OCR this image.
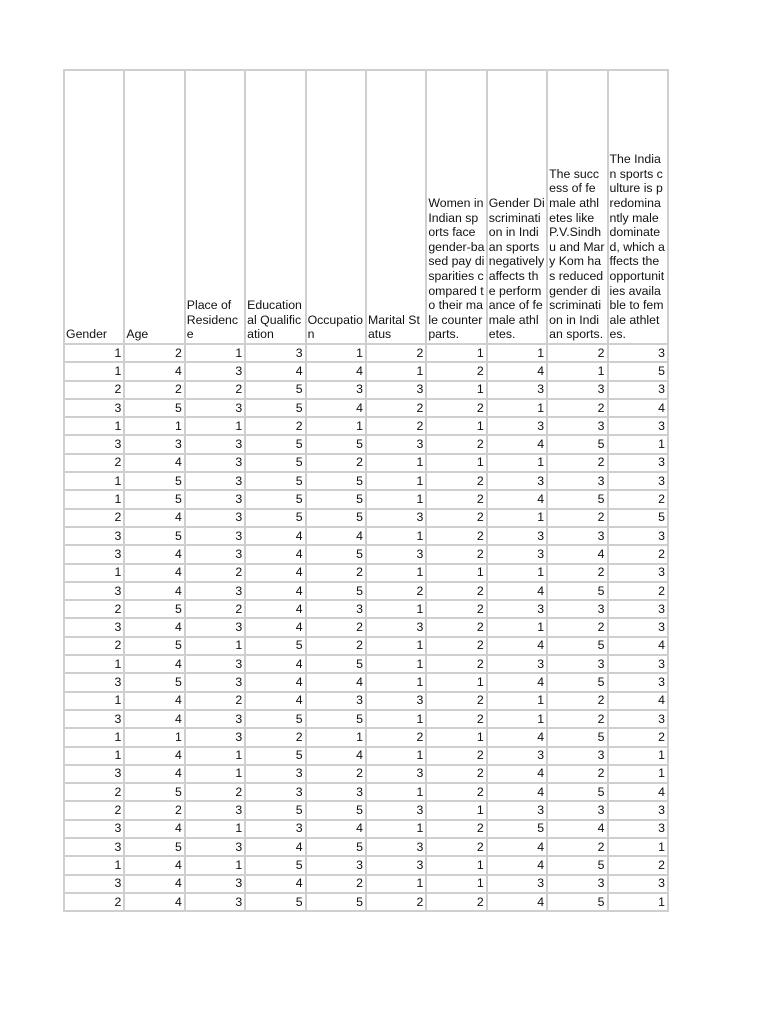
Gender	Age	Place of Residence	Educational Qualification	Occupation	Marital Status	Women in Indian sports face gender-based pay disparities compared to their male counterparts.	Gender Discrimination in Indian sports negatively affects the performance of female athletes.	The success of female athletes like P.V.Sindhu and Mary Kom has reduced gender discrimination in Indian sports.	The Indian sports culture is predominantly male dominated, which affects the opportunities available to female athletes.
1	2	1	3	1	2	1	1	2	3
1	4	3	4	4	1	2	4	1	5
2	2	2	5	3	3	1	3	3	3
3	5	3	5	4	2	2	1	2	4
1	1	1	2	1	2	1	3	3	3
3	3	3	5	5	3	2	4	5	1
2	4	3	5	2	1	1	1	2	3
1	5	3	5	5	1	2	3	3	3
1	5	3	5	5	1	2	4	5	2
2	4	3	5	5	3	2	1	2	5
3	5	3	4	4	1	2	3	3	3
3	4	3	4	5	3	2	3	4	2
1	4	2	4	2	1	1	1	2	3
3	4	3	4	5	2	2	4	5	2
2	5	2	4	3	1	2	3	3	3
3	4	3	4	2	3	2	1	2	3
2	5	1	5	2	1	2	4	5	4
1	4	3	4	5	1	2	3	3	3
3	5	3	4	4	1	1	4	5	3
1	4	2	4	3	3	2	1	2	4
3	4	3	5	5	1	2	1	2	3
1	1	3	2	1	2	1	4	5	2
1	4	1	5	4	1	2	3	3	1
3	4	1	3	2	3	2	4	2	1
2	5	2	3	3	1	2	4	5	4
2	2	3	5	5	3	1	3	3	3
3	4	1	3	4	1	2	5	4	3
3	5	3	4	5	3	2	4	2	1
1	4	1	5	3	3	1	4	5	2
3	4	3	4	2	1	1	3	3	3
2	4	3	5	5	2	2	4	5	1
